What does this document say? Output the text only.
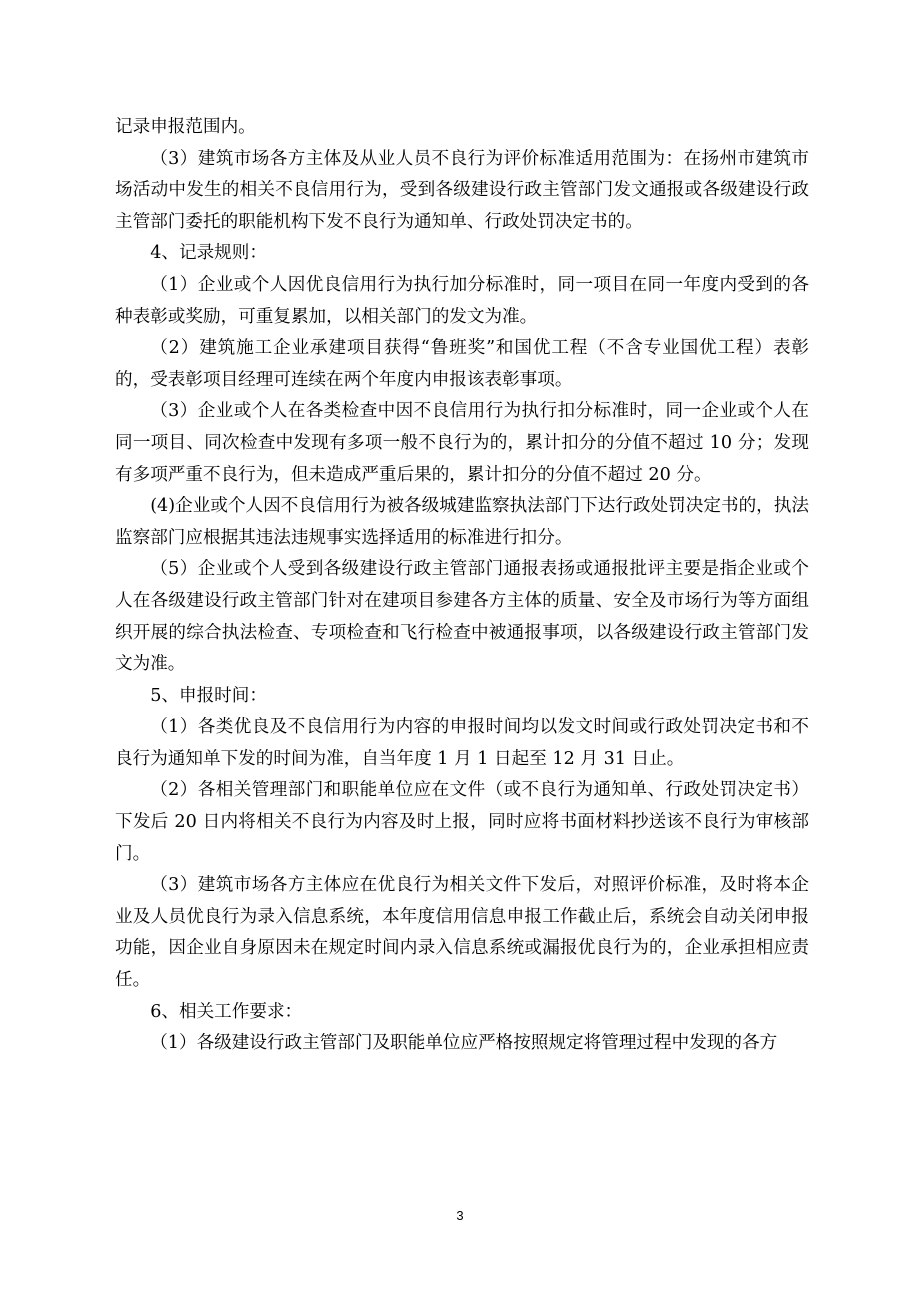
记录申报范围内。

（3）建筑市场各方主体及从业人员不良行为评价标准适用范围为：在扬州市建筑市场活动中发生的相关不良信用行为，受到各级建设行政主管部门发文通报或各级建设行政主管部门委托的职能机构下发不良行为通知单、行政处罚决定书的。

4、记录规则：

（1）企业或个人因优良信用行为执行加分标准时，同一项目在同一年度内受到的各种表彰或奖励，可重复累加，以相关部门的发文为准。

（2）建筑施工企业承建项目获得“鲁班奖”和国优工程（不含专业国优工程）表彰的，受表彰项目经理可连续在两个年度内申报该表彰事项。

（3）企业或个人在各类检查中因不良信用行为执行扣分标准时，同一企业或个人在同一项目、同次检查中发现有多项一般不良行为的，累计扣分的分值不超过 10 分；发现有多项严重不良行为，但未造成严重后果的，累计扣分的分值不超过 20 分。

(4)企业或个人因不良信用行为被各级城建监察执法部门下达行政处罚决定书的，执法监察部门应根据其违法违规事实选择适用的标准进行扣分。

（5）企业或个人受到各级建设行政主管部门通报表扬或通报批评主要是指企业或个人在各级建设行政主管部门针对在建项目参建各方主体的质量、安全及市场行为等方面组织开展的综合执法检查、专项检查和飞行检查中被通报事项，以各级建设行政主管部门发文为准。

5、申报时间：

（1）各类优良及不良信用行为内容的申报时间均以发文时间或行政处罚决定书和不良行为通知单下发的时间为准，自当年度 1 月 1 日起至 12 月 31 日止。

（2）各相关管理部门和职能单位应在文件（或不良行为通知单、行政处罚决定书）下发后 20 日内将相关不良行为内容及时上报，同时应将书面材料抄送该不良行为审核部门。

（3）建筑市场各方主体应在优良行为相关文件下发后，对照评价标准，及时将本企业及人员优良行为录入信息系统，本年度信用信息申报工作截止后，系统会自动关闭申报功能，因企业自身原因未在规定时间内录入信息系统或漏报优良行为的，企业承担相应责任。

6、相关工作要求：

（1）各级建设行政主管部门及职能单位应严格按照规定将管理过程中发现的各方

3
